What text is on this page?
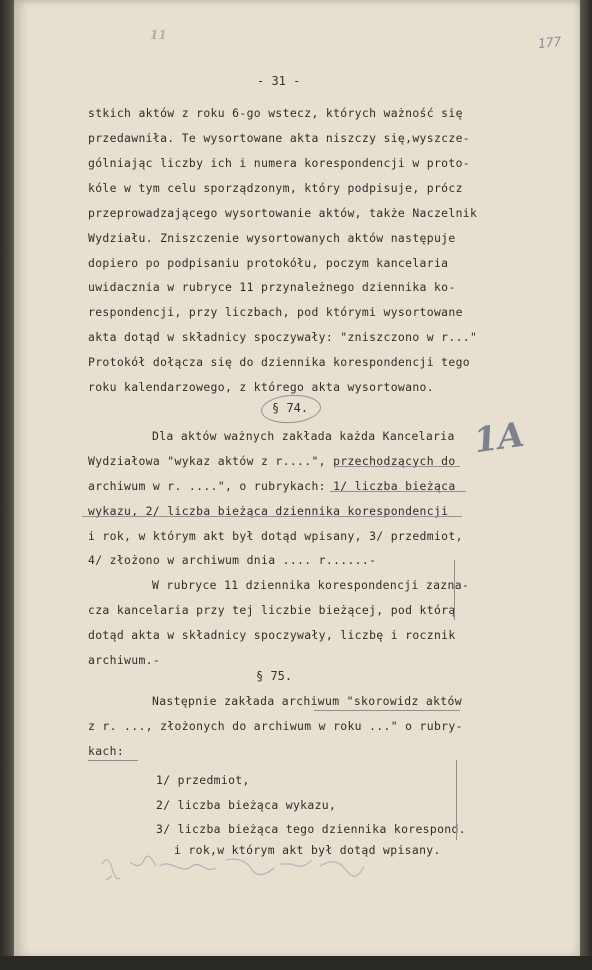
177
- 31 -
stkich aktów z roku 6-go wstecz, których ważność się
przedawniła. Te wysortowane akta niszczy się,wyszcze-
gólniając liczby ich i numera korespondencji w proto-
kóle w tym celu sporządzonym, który podpisuje, prócz
przeprowadzającego wysortowanie aktów, także Naczelnik
Wydziału. Zniszczenie wysortowanych aktów następuje
dopiero po podpisaniu protokółu, poczym kancelaria
uwidacznia w rubryce 11 przynależnego dziennika ko-
respondencji, przy liczbach, pod którymi wysortowane
akta dotąd w składnicy spoczywały: "zniszczono w r..."
Protokół dołącza się do dziennika korespondencji tego
roku kalendarzowego, z którego akta wysortowano.
§ 74.
Dla aktów ważnych zakłada każda Kancelaria
Wydziałowa "wykaz aktów z r....", przechodzących do
archiwum w r. ....", o rubrykach: 1/ liczba bieżąca
wykazu, 2/ liczba bieżąca dziennika korespondencji
i rok, w którym akt był dotąd wpisany, 3/ przedmiot,
4/ złożono w archiwum dnia .... r......-
W rubryce 11 dziennika korespondencji zaznа-
cza kancelaria przy tej liczbie bieżącej, pod którą
dotąd akta w składnicy spoczywały, liczbę i rocznik
archiwum.-
§ 75.
Następnie zakłada archiwum "skorowidz aktów
z r. ..., złożonych do archiwum w roku ..." o rubry-
kach:
1/ przedmiot,
2/ liczba bieżąca wykazu,
3/ liczba bieżąca tego dziennika korespond.
i rok,w którym akt był dotąd wpisany.
1A
11
